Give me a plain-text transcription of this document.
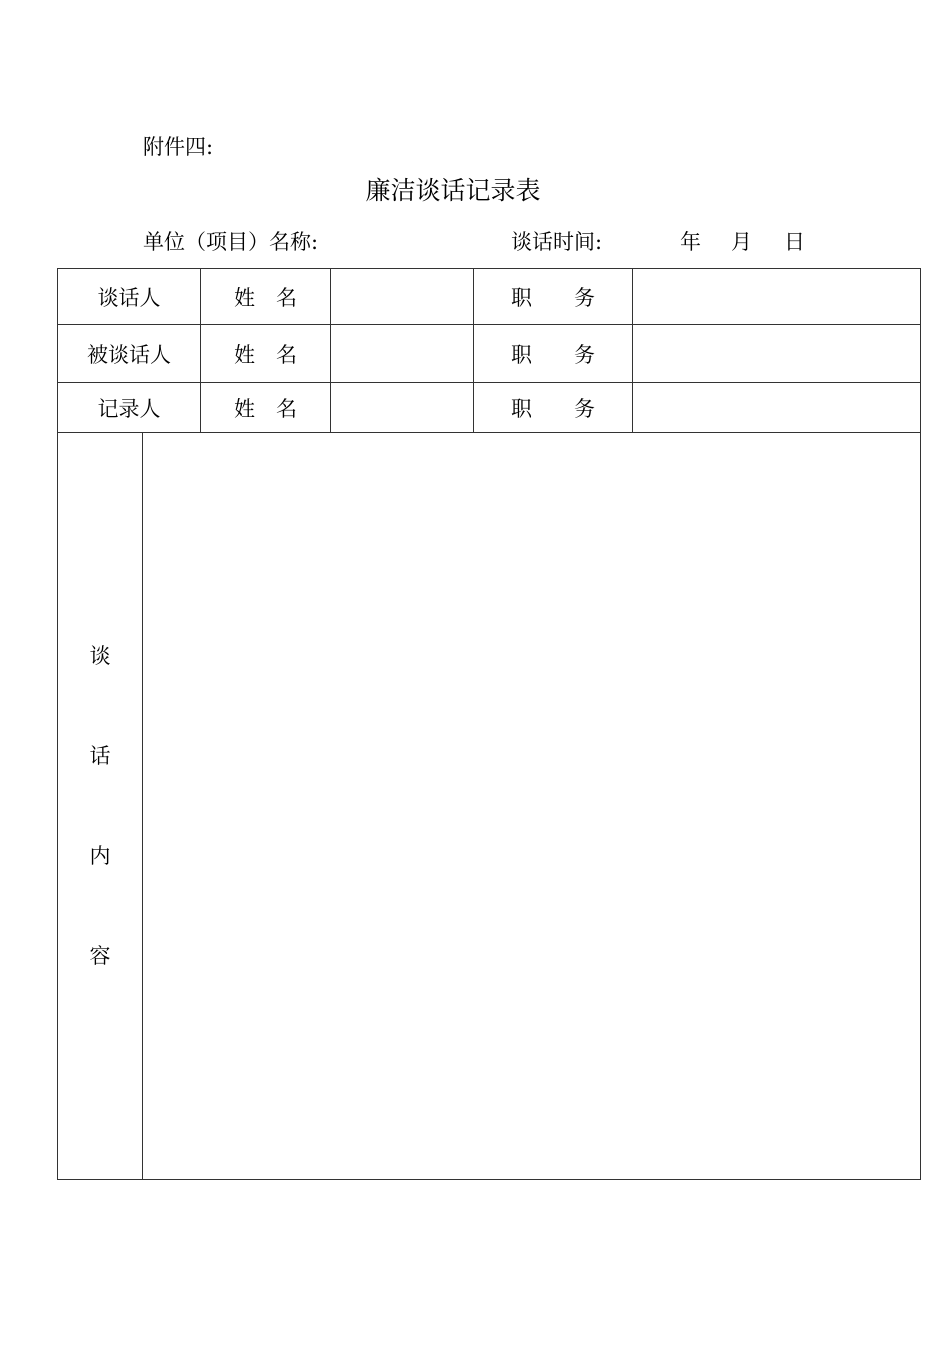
附件四:
廉洁谈话记录表
单位（项目）名称:	谈话时间:	年 月 日
谈话人		姓　名		职　　务	
被谈话人		姓　名		职　　务	
记录人		姓　名		职　　务	

谈
话
内
容					
